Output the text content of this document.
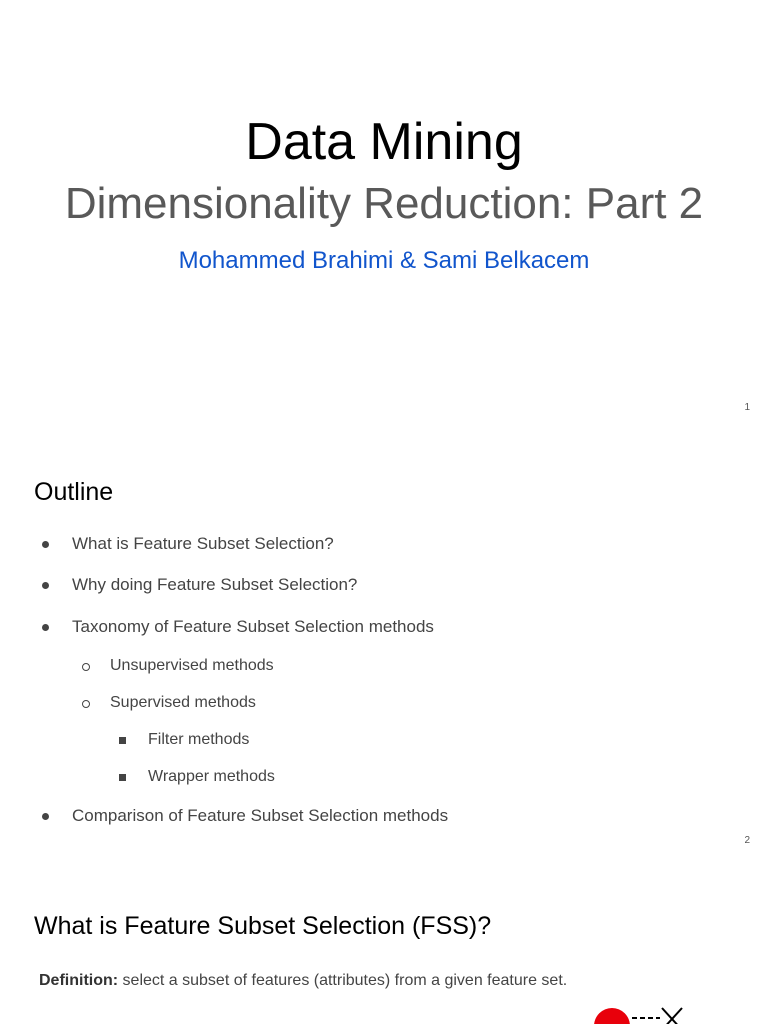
Data Mining
Dimensionality Reduction: Part 2
Mohammed Brahimi & Sami Belkacem
1
Outline
What is Feature Subset Selection?
Why doing Feature Subset Selection?
Taxonomy of Feature Subset Selection methods
Unsupervised methods
Supervised methods
Filter methods
Wrapper methods
Comparison of Feature Subset Selection methods
2
What is Feature Subset Selection (FSS)?
Definition: select a subset of features (attributes) from a given feature set.
